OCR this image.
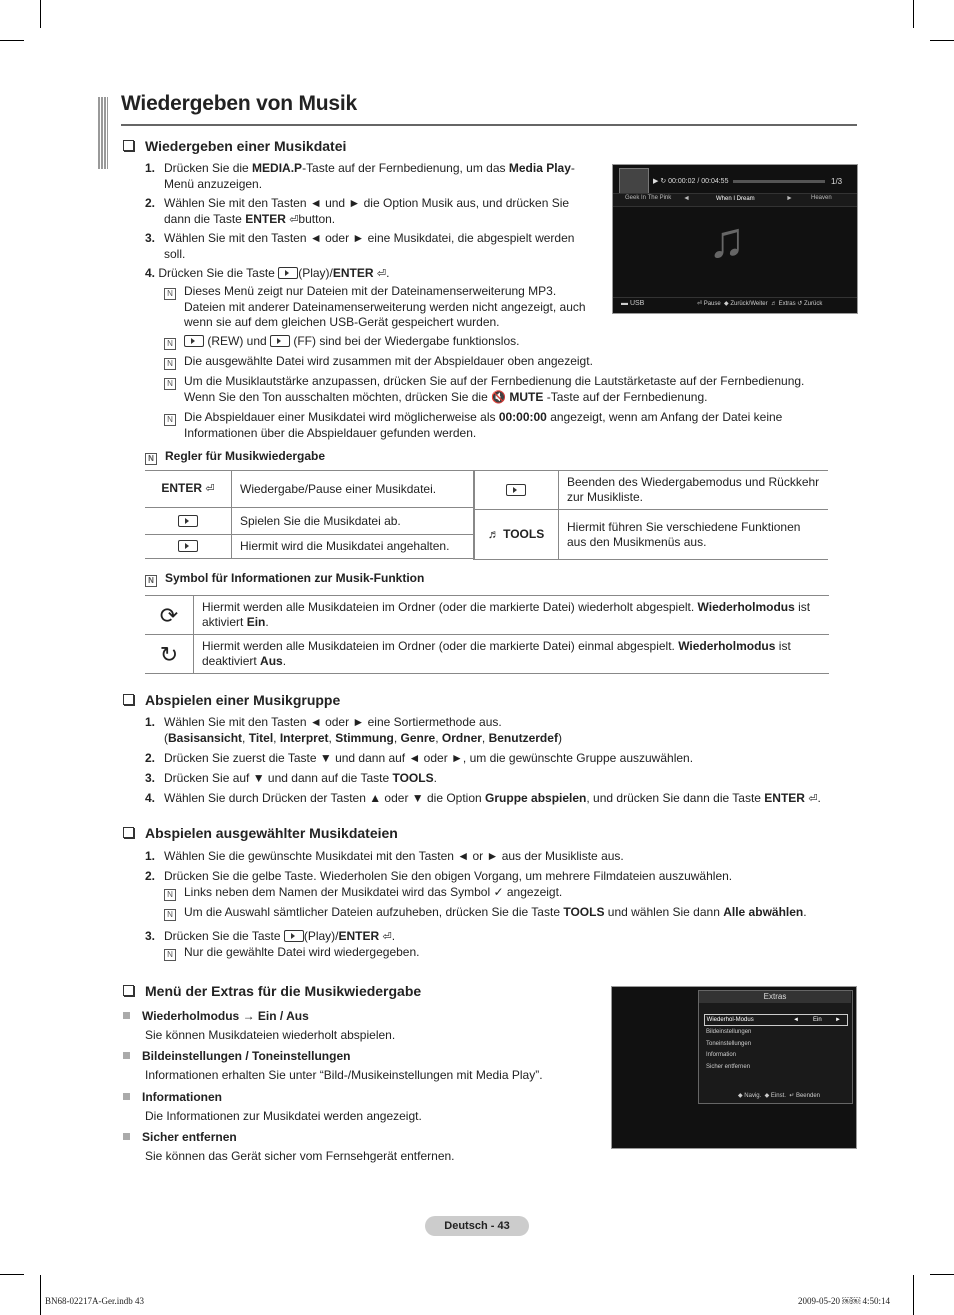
Wiedergeben von Musik
Wiedergeben einer Musikdatei
1. Drücken Sie die MEDIA.P-Taste auf der Fernbedienung, um das Media Play-Menü anzuzeigen.
2. Wählen Sie mit den Tasten ◄ und ► die Option Musik aus, und drücken Sie dann die Taste ENTER ⏎button.
3. Wählen Sie mit den Tasten ◄ oder ► eine Musikdatei, die abgespielt werden soll.
4. Drücken Sie die Taste (Play)/ENTER ⏎.
N Dieses Menü zeigt nur Dateien mit der Dateinamenserweiterung MP3. Dateien mit anderer Dateinamenserweiterung werden nicht angezeigt, auch wenn sie auf dem gleichen USB-Gerät gespeichert wurden.
N	(REW) und  (FF) sind bei der Wiedergabe funktionslos.
N Die ausgewählte Datei wird zusammen mit der Abspieldauer oben angezeigt.
N Um die Musiklautstärke anzupassen, drücken Sie auf der Fernbedienung die Lautstärketaste auf der Fernbedienung. Wenn Sie den Ton ausschalten möchten, drücken Sie die 🔇 MUTE -Taste auf der Fernbedienung.
N Die Abspieldauer einer Musikdatei wird möglicherweise als 00:00:00 angezeigt, wenn am Anfang der Datei keine Informationen über die Abspieldauer gefunden werden.
▶ ↻ 00:00:02 / 00:04:55	1/3
Geek In The Pink ◄	When I Dream	►	Heaven
♫
▬ USB	⏎ Pause  ◆ Zurück/Weiter  ♬ Extras ↺ Zurück
N Regler für Musikwiedergabe
ENTER ⏎	Wiedergabe/Pause einer Musikdatei.
	Spielen Sie die Musikdatei ab.
	Hiermit wird die Musikdatei angehalten.
	Beenden des Wiedergabemodus und Rückkehr zur Musikliste.
♬ TOOLS	Hiermit führen Sie verschiedene Funktionen aus den Musikmenüs aus.
N Symbol für Informationen zur Musik-Funktion
⟳	Hiermit werden alle Musikdateien im Ordner (oder die markierte Datei) wiederholt abgespielt. Wiederholmodus ist aktiviert Ein.
↻	Hiermit werden alle Musikdateien im Ordner (oder die markierte Datei) einmal abgespielt. Wiederholmodus ist deaktiviert Aus.
Abspielen einer Musikgruppe
1. Wählen Sie mit den Tasten ◄ oder ► eine Sortiermethode aus.
(Basisansicht, Titel, Interpret, Stimmung, Genre, Ordner, Benutzerdef)
2. Drücken Sie zuerst die Taste ▼ und dann auf ◄ oder ►, um die gewünschte Gruppe auszuwählen.
3. Drücken Sie auf ▼ und dann auf die Taste TOOLS.
4. Wählen Sie durch Drücken der Tasten ▲ oder ▼ die Option Gruppe abspielen, und drücken Sie dann die Taste ENTER ⏎.
Abspielen ausgewählter Musikdateien
1. Wählen Sie die gewünschte Musikdatei mit den Tasten ◄ or ► aus der Musikliste aus.
2. Drücken Sie die gelbe Taste. Wiederholen Sie den obigen Vorgang, um mehrere Filmdateien auszuwählen.
N Links neben dem Namen der Musikdatei wird das Symbol ✓ angezeigt.
N Um die Auswahl sämtlicher Dateien aufzuheben, drücken Sie die Taste TOOLS und wählen Sie dann Alle abwählen.
3. Drücken Sie die Taste (Play)/ENTER ⏎.
N Nur die gewählte Datei wird wiedergegeben.
Menü der Extras für die Musikwiedergabe
Wiederholmodus → Ein / Aus
Sie können Musikdateien wiederholt abspielen.
Bildeinstellungen / Toneinstellungen
Informationen erhalten Sie unter “Bild-/Musikeinstellungen mit Media Play”.
Informationen
Die Informationen zur Musikdatei werden angezeigt.
Sicher entfernen
Sie können das Gerät sicher vom Fernsehgerät entfernen.
Extras
Wiederhol-Modus	◄ Ein ►
Bildeinstellungen
Toneinstellungen
Information
Sicher entfernen
◆ Navig.  ◆ Einst.  ↵ Beenden
Deutsch - 43
BN68-02217A-Ger.indb 43	2009-05-20 ￼￼ 4:50:14
